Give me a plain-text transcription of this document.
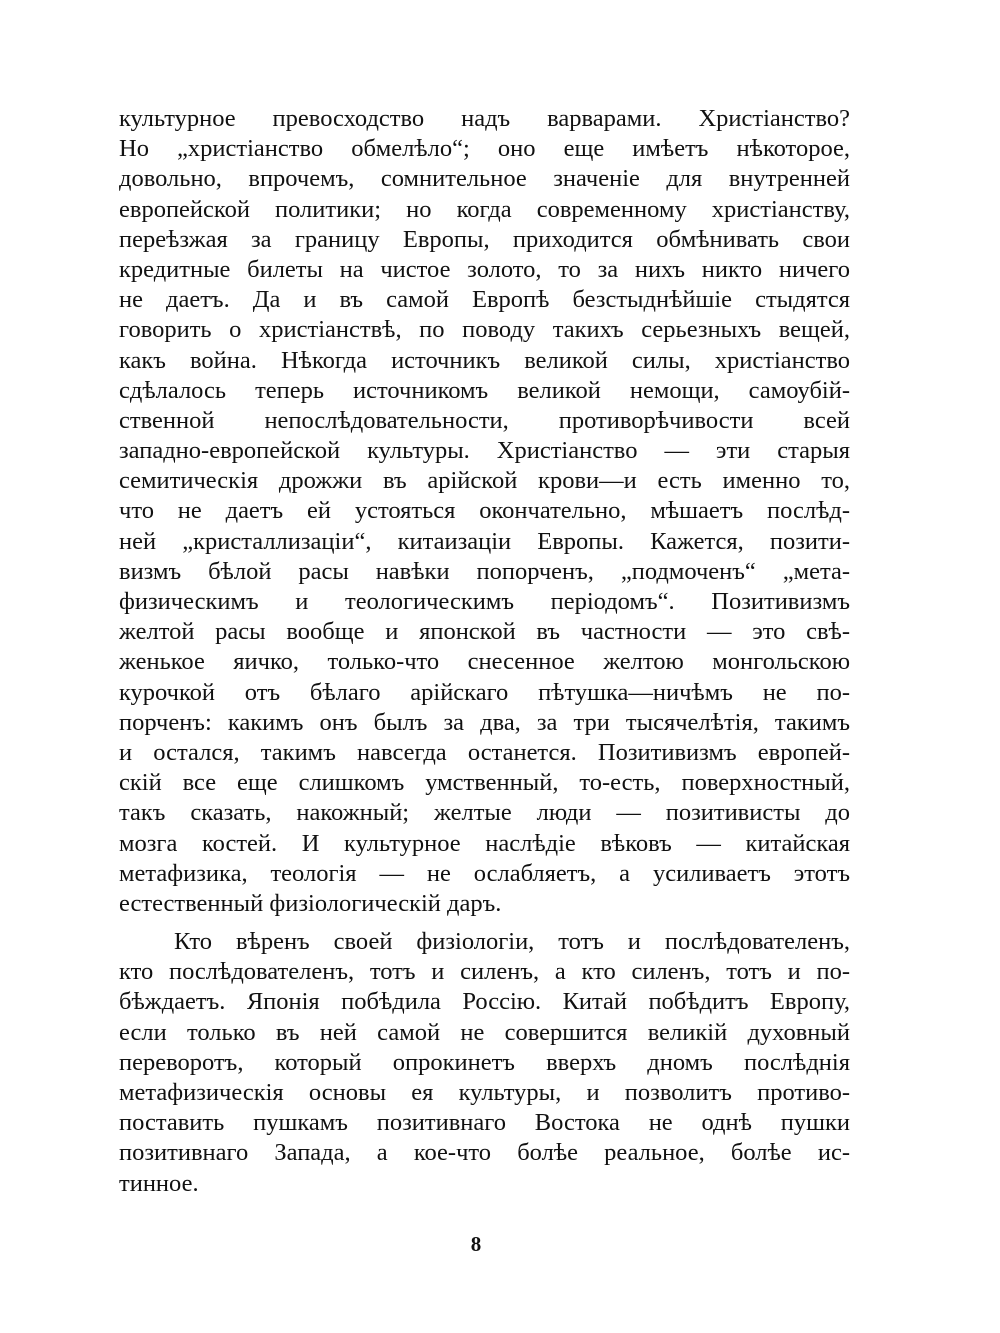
культурное превосходство надъ варварами. Христіанство?
Но „христіанство обмелѣло“; оно еще имѣетъ нѣкоторое,
довольно, впрочемъ, сомнительное значеніе для внутренней
европейской политики; но когда современному христіанству,
переѣзжая за границу Европы, приходится обмѣнивать свои
кредитные билеты на чистое золото, то за нихъ никто ничего
не даетъ. Да и въ самой Европѣ безстыднѣйшіе стыдятся
говорить о христіанствѣ, по поводу такихъ серьезныхъ вещей,
какъ война. Нѣкогда источникъ великой силы, христіанство
сдѣлалось теперь источникомъ великой немощи, самоубій-
ственной непослѣдовательности, противорѣчивости всей
западно-европейской культуры. Христіанство — эти старыя
семитическія дрожжи въ арійской крови—и есть именно то,
что не даетъ ей устояться окончательно, мѣшаетъ послѣд-
ней „кристаллизаціи“, китаизаціи Европы. Кажется, позити-
визмъ бѣлой расы навѣки попорченъ, „подмоченъ“ „мета-
физическимъ и теологическимъ періодомъ“. Позитивизмъ
желтой расы вообще и японской въ частности — это свѣ-
женькое яичко, только-что снесенное желтою монгольскою
курочкой отъ бѣлаго арійскаго пѣтушка—ничѣмъ не по-
порченъ: какимъ онъ былъ за два, за три тысячелѣтія, такимъ
и остался, такимъ навсегда останется. Позитивизмъ европей-
скій все еще слишкомъ умственный, то-есть, поверхностный,
такъ сказать, накожный; желтые люди — позитивисты до
мозга костей. И культурное наслѣдіе вѣковъ — китайская
метафизика, теологія — не ослабляетъ, а усиливаетъ этотъ
естественный физіологическій даръ.
Кто вѣренъ своей физіологіи, тотъ и послѣдователенъ,
кто послѣдователенъ, тотъ и силенъ, а кто силенъ, тотъ и по-
бѣждаетъ. Японія побѣдила Россію. Китай побѣдитъ Европу,
если только въ ней самой не совершится великій духовный
переворотъ, который опрокинетъ вверхъ дномъ послѣднія
метафизическія основы ея культуры, и позволитъ противо-
поставить пушкамъ позитивнаго Востока не однѣ пушки
позитивнаго Запада, а кое-что болѣе реальное, болѣе ис-
тинное.
8
